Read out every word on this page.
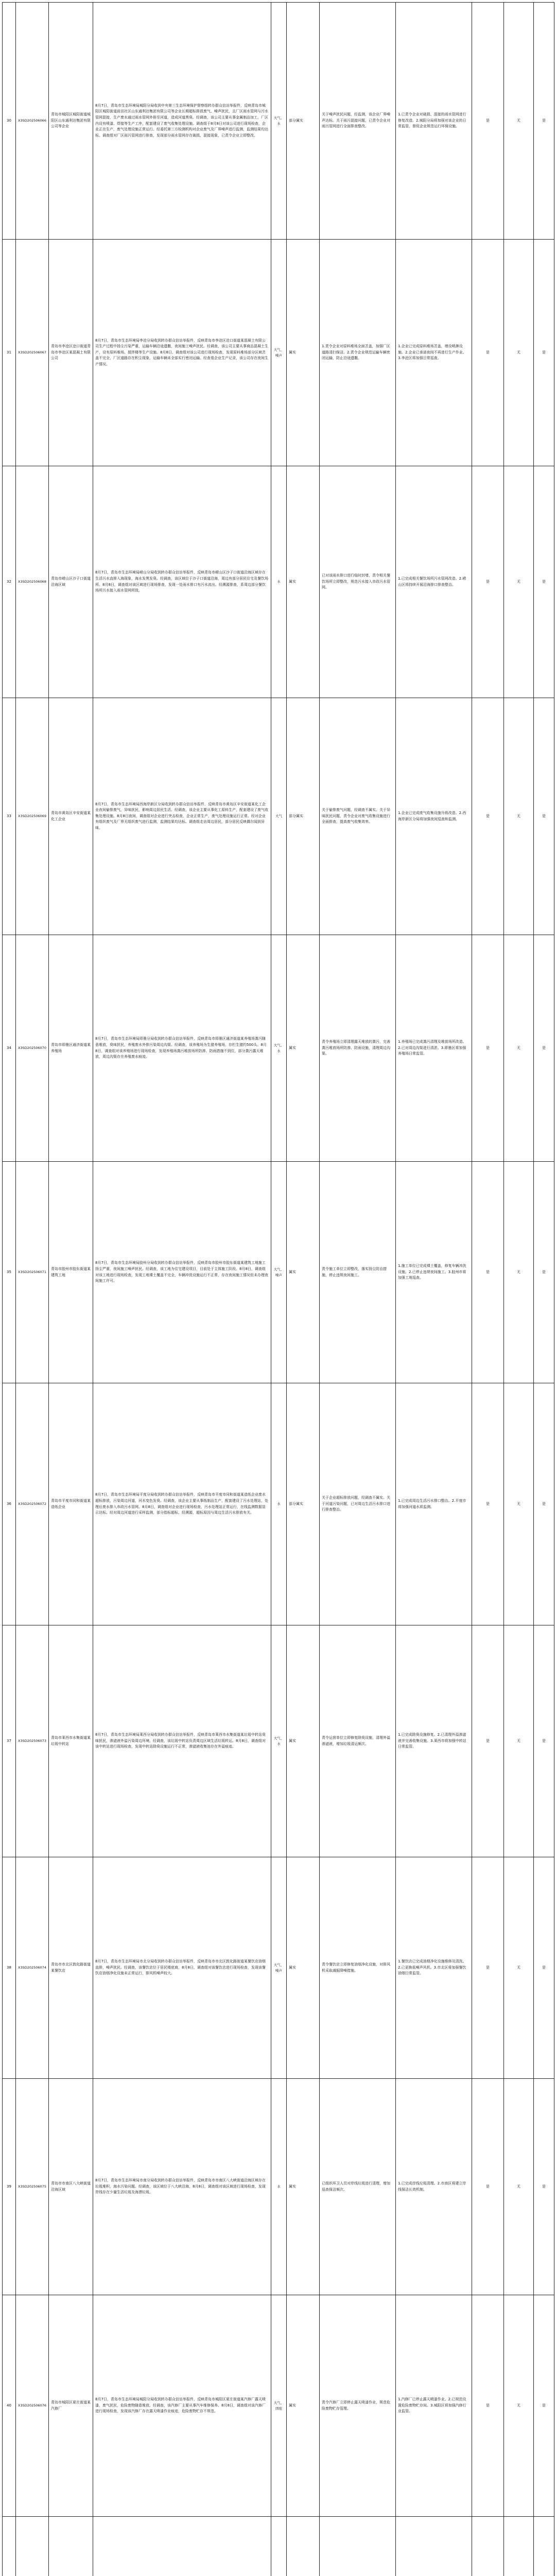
30	X3SD202506066	青岛市城阳区城阳街道城阳区山东通利达集团有限公司等企业	8月7日，青岛市生态环境局城阳分局收到中央第三生态环境保护督察组转办群众信访举报件，反映青岛市城阳区城阳街道前田社区山东通利达集团有限公司等企业长期超标排放废气、噪声扰民，且厂区雨水管网与污水管网混接，生产废水通过雨水管网外排至河道，造成河道黑臭。经调查，该公司主要从事金属制品加工，厂区内设有喷漆、焊接等生产工序，配套建设了废气收集处理设施。调查组于8月8日对该公司进行现场检查，企业正在生产，废气处理设施正常运行。经委托第三方检测机构对企业废气及厂界噪声进行监测，监测结果均达标。调查组对厂区雨污管网进行排查，发现部分雨水管网存在破损、混接现象，已责令企业立即整改。	大气、水	部分属实	关于噪声扰民问题，经监测，该企业厂界噪声达标。关于雨污混接问题，已责令企业对雨污管网进行全面排查整改。	1.已责令企业对破损、混接的雨水管网进行修复改造。2.城阳分局将加强对该企业的日常监管，督促企业规范运行环保设施。	是	无	是

31	X3SD202506067	青岛市李沧区沧口街道青岛市李沧区某混凝土有限公司	8月7日，青岛市生态环境局李沧分局收到转办群众信访举报件，反映青岛市李沧区沧口街道某混凝土有限公司生产过程中扬尘污染严重，运输车辆沿途遗撒，夜间施工噪声扰民。经调查，该公司主要从事商品混凝土生产，设有原料堆场、搅拌楼等生产设施。8月8日，调查组对该公司进行现场检查，发现原料堆场部分区域苫盖不完全，厂区道路存在积尘现象，运输车辆未全部实行密闭运输。经查看企业生产记录，该公司存在夜间生产情况。	大气、噪声	属实	1.责令企业对原料堆场全面苫盖，加强厂区道路清扫保洁。2.责令企业规范运输车辆密闭运输，防止沿途遗撒。	1.企业已完成原料堆场苫盖，增设喷淋设施。2.企业已承诺夜间不再进行生产作业。3.李沧区将加强日常巡查。	是	无	是

32	X3SD202506068	青岛市崂山区沙子口街道沿海区域	8月7日，青岛市生态环境局崂山分局收到转办群众信访举报件，反映青岛市崂山区沙子口街道沿海区域存在生活污水直排入海现象，海水发黑发臭。经调查，该区域位于沙子口街道沿海，周边有部分居民住宅及餐饮场所。8月8日，调查组对该区域进行现场排查，发现一处雨水排口有污水流出。经溯源排查，系周边部分餐饮场所污水接入雨水管网所致。	水	属实	已对该雨水排口进行临时封堵，责令相关餐饮场所立即整改，规范污水接入市政污水管网。	1.已完成相关餐饮场所污水管网改造。2.崂山区将持续开展沿海排口排查整治。	是	无	是

33	X3SD202506069	青岛市黄岛区辛安街道某化工企业	8月7日，青岛市生态环境局西海岸新区分局收到转办群众信访举报件，反映青岛市黄岛区辛安街道某化工企业夜间偷排废气，异味扰民，影响周边居民生活。经调查，该企业主要从事化工原料生产，配套建设了废气收集处理设施。8月8日夜间，调查组对企业进行突击检查，企业正常生产，废气处理设施运行正常。经对企业有组织废气及厂界无组织废气进行监测，监测结果均达标。调查组走访周边居民，部分居民反映偶尔闻到异味。	大气	部分属实	关于偷排废气问题，经调查不属实。关于异味扰民问题，责令企业对废气收集设施进行全面排查，提高废气收集效率。	1.企业已完成废气收集设施升级改造。2.西海岸新区分局将加强夜间巡查和监测。	是	无	是

34	X3SD202506070	青岛市即墨区通济街道某养殖场	8月7日，青岛市生态环境局即墨分局收到转办群众信访举报件，反映青岛市即墨区通济街道某养殖场粪污随意堆放，臭味扰民，养殖废水外排污染周边沟渠。经调查，该养殖场为生猪养殖场，存栏生猪约500头。8月8日，调查组对该养殖场进行现场检查，发现养殖场粪污堆放场所防渗、防雨措施不到位，部分粪污露天堆放，周边沟渠存在养殖废水痕迹。	大气、水	属实	责令养殖场立即清理露天堆放的粪污，完善粪污堆放场所防渗、防雨设施，清理周边沟渠。	1.养殖场已完成粪污清理及堆放场所改造。2.已对周边沟渠进行清淤。3.即墨区将加强养殖场日常监管。	是	无	是

35	X3SD202506071	青岛市胶州市胶东街道某建筑工地	8月7日，青岛市生态环境局胶州分局收到转办群众信访举报件，反映青岛市胶州市胶东街道某建筑工地施工扬尘严重，夜间施工噪声扰民。经调查，该工地为住宅建设项目，目前处于主体施工阶段。8月8日，调查组对该工地进行现场检查，发现工地裸土覆盖不完全，车辆冲洗设施运行不正常，存在夜间施工情况但未办理夜间施工许可。	大气、噪声	属实	责令施工单位立即整改，落实扬尘防治措施，停止违规夜间施工。	1.施工单位已完成裸土覆盖，修复车辆冲洗设施。2.已停止违规夜间施工。3.胶州市将加强工地巡查。	是	无	是

36	X3SD202506072	青岛市平度市同和街道某造纸企业	8月7日，青岛市生态环境局平度分局收到转办群众信访举报件，反映青岛市平度市同和街道某造纸企业废水超标排放，污染周边河道，河水变色发臭。经调查，该企业主要从事纸制品生产，配套建设了污水处理站，处理后废水排入市政污水管网。8月8日，调查组对企业进行现场检查，污水处理站正常运行，在线监测数据显示达标。经对周边河道进行采样监测，部分指标超标，经溯源，超标原因与周边生活污水排放有关。	水	部分属实	关于企业超标排放问题，经调查不属实。关于河道污染问题，已对周边生活污水排口进行排查整治。	1.已完成周边生活污水排口整治。2.平度市将加强河道水质监测。	是	无	是

37	X3SD202506073	青岛市莱西市水集街道某垃圾中转站	8月7日，青岛市生态环境局莱西分局收到转办群众信访举报件，反映青岛市莱西市水集街道某垃圾中转站臭味扰民，渗滤液外溢污染周边环境。经调查，该垃圾中转站负责周边区域生活垃圾转运。8月8日，调查组对该中转站进行现场检查，发现中转站除臭设施运行不正常，渗滤液收集池存在外溢痕迹。	大气、水	属实	责令运营单位立即修复除臭设施，清理外溢渗滤液，增加垃圾清运频次。	1.已完成除臭设施修复。2.已清理外溢渗滤液并完善收集设施。3.莱西市将加强中转站日常监管。	是	无	是

38	X3SD202506074	青岛市市北区敦化路街道某餐饮店	8月7日，青岛市生态环境局市北分局收到转办群众信访举报件，反映青岛市市北区敦化路街道某餐饮店油烟直排，噪声扰民。经调查，该餐饮店位于居民楼底商，8月8日，调查组对该餐饮店进行现场检查，发现该餐饮店油烟净化设施未正常运行，排风机噪声较大。	大气、噪声	属实	责令餐饮店立即修复油烟净化设施，对排风机采取减振降噪措施。	1.餐饮店已完成油烟净化设施维修及清洗。2.已更换低噪声风机。3.市北区将加强餐饮油烟日常监管。	是	无	是

39	X3SD202506075	青岛市市南区八大峡街道沿海区域	8月7日，青岛市生态环境局市南分局收到转办群众信访举报件，反映青岛市市南区八大峡街道沿海区域存在垃圾堆积，海水污染问题。经调查，该区域位于八大峡沿海，8月8日，调查组对该区域进行现场检查，发现岸线存在少量生活垃圾及海漂垃圾。	水	属实	已组织环卫人员对岸线垃圾进行清理，增加巡查保洁频次。	1.已完成岸线垃圾清理。2.市南区将建立岸线保洁长效机制。	是	无	是

40	X3SD202506076	青岛市城阳区夏庄街道某汽修厂	8月7日，青岛市生态环境局城阳分局收到转办群众信访举报件，反映青岛市城阳区夏庄街道某汽修厂露天喷漆，废气扰民，危险废物随意堆放。经调查，该汽修厂主要从事汽车维修保养。8月8日，调查组对该汽修厂进行现场检查，发现该汽修厂存在露天喷漆作业痕迹，危险废物贮存不规范。	大气、固废	属实	责令汽修厂立即停止露天喷漆作业，规范危险废物贮存管理。	1.汽修厂已停止露天喷漆作业。2.已规范设置危险废物贮存间。3.城阳区将加强汽修行业监管。	是	无	是
